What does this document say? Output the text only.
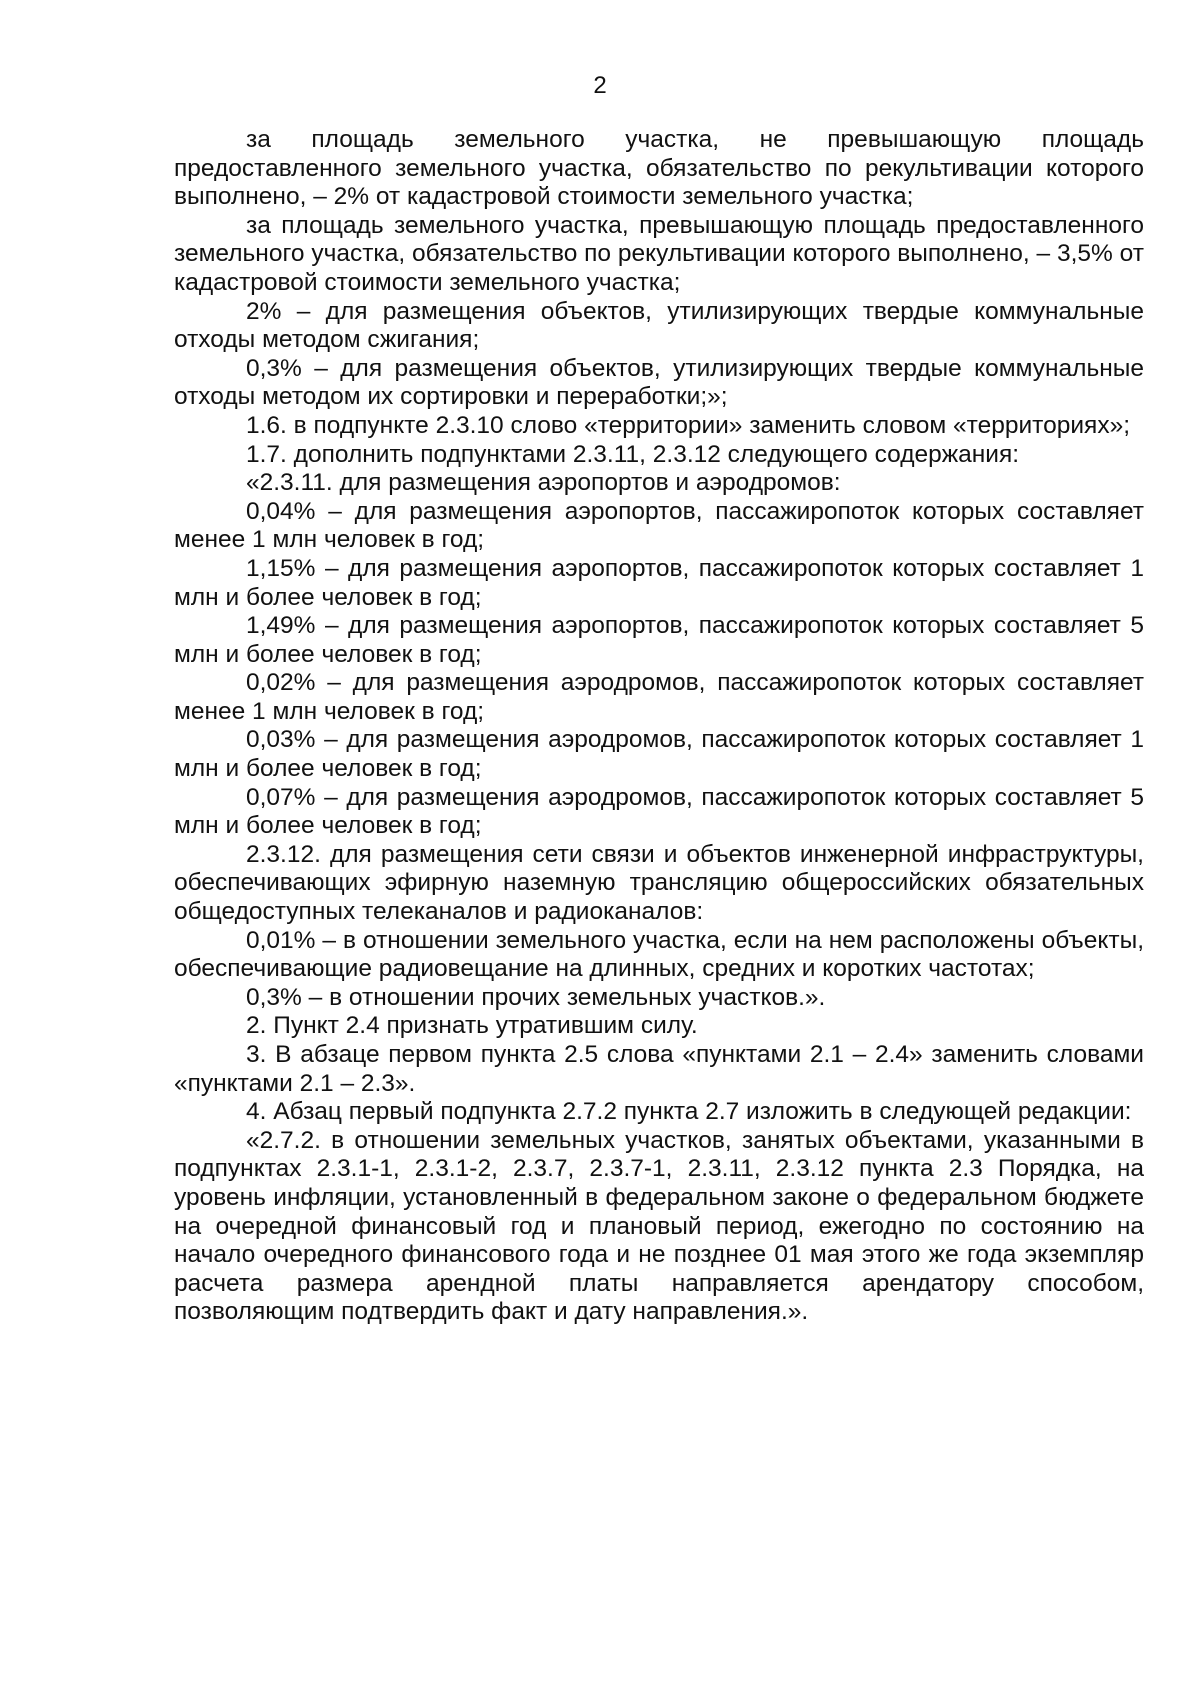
2

за площадь земельного участка, не превышающую площадь предоставленного земельного участка, обязательство по рекультивации которого выполнено, – 2% от кадастровой стоимости земельного участка;

за площадь земельного участка, превышающую площадь предоставленного земельного участка, обязательство по рекультивации которого выполнено, – 3,5% от кадастровой стоимости земельного участка;

2% – для размещения объектов, утилизирующих твердые коммунальные отходы методом сжигания;

0,3% – для размещения объектов, утилизирующих твердые коммунальные отходы методом их сортировки и переработки;»;

1.6. в подпункте 2.3.10 слово «территории» заменить словом «территориях»;

1.7. дополнить подпунктами 2.3.11, 2.3.12 следующего содержания:

«2.3.11. для размещения аэропортов и аэродромов:

0,04% – для размещения аэропортов, пассажиропоток которых составляет менее 1 млн человек в год;

1,15% – для размещения аэропортов, пассажиропоток которых составляет 1 млн и более человек в год;

1,49% – для размещения аэропортов, пассажиропоток которых составляет 5 млн и более человек в год;

0,02% – для размещения аэродромов, пассажиропоток которых составляет менее 1 млн человек в год;

0,03% – для размещения аэродромов, пассажиропоток которых составляет 1 млн и более человек в год;

0,07% – для размещения аэродромов, пассажиропоток которых составляет 5 млн и более человек в год;

2.3.12. для размещения сети связи и объектов инженерной инфраструктуры, обеспечивающих эфирную наземную трансляцию общероссийских обязательных общедоступных телеканалов и радиоканалов:

0,01% – в отношении земельного участка, если на нем расположены объекты, обеспечивающие радиовещание на длинных, средних и коротких частотах;

0,3% – в отношении прочих земельных участков.».

2. Пункт 2.4 признать утратившим силу.

3. В абзаце первом пункта 2.5 слова «пунктами 2.1 – 2.4» заменить словами «пунктами 2.1 – 2.3».

4. Абзац первый подпункта 2.7.2 пункта 2.7 изложить в следующей редакции:

«2.7.2. в отношении земельных участков, занятых объектами, указанными в подпунктах 2.3.1-1, 2.3.1-2, 2.3.7, 2.3.7-1, 2.3.11, 2.3.12 пункта 2.3 Порядка, на уровень инфляции, установленный в федеральном законе о федеральном бюджете на очередной финансовый год и плановый период, ежегодно по состоянию на начало очередного финансового года и не позднее 01 мая этого же года экземпляр расчета размера арендной платы направляется арендатору способом, позволяющим подтвердить факт и дату направления.».
